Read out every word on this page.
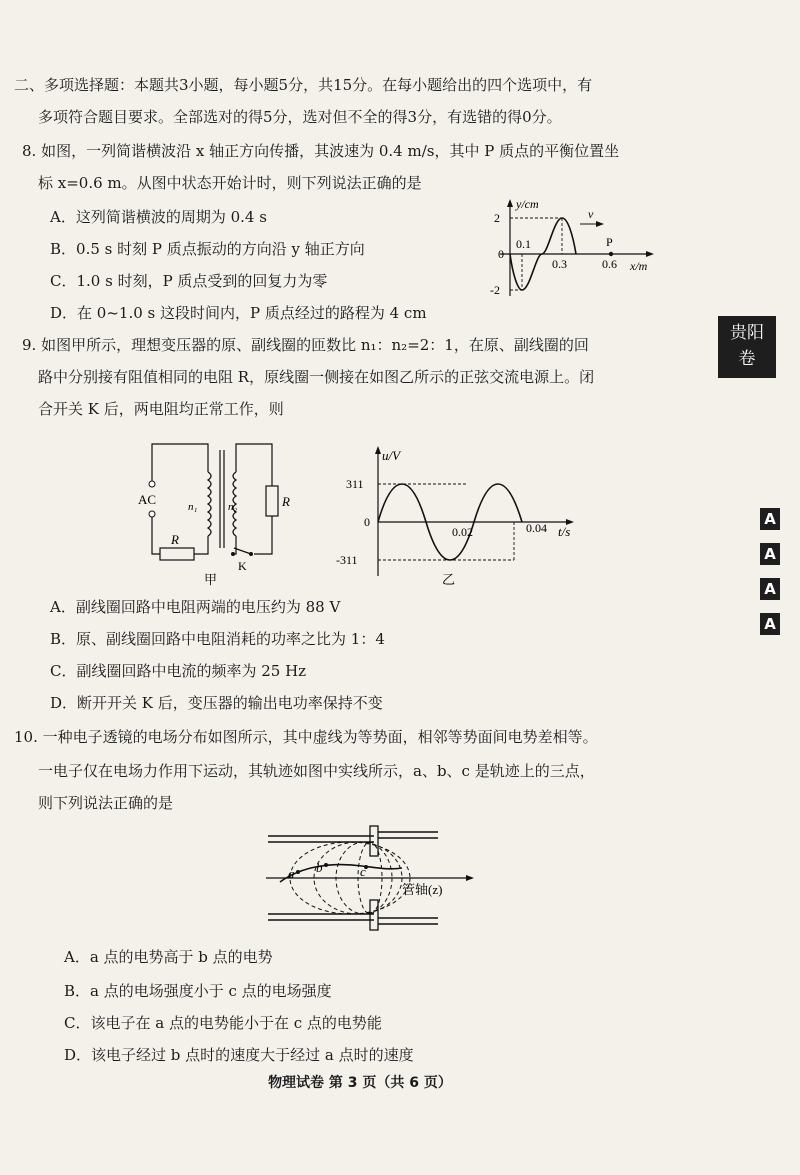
二、多项选择题：本题共3小题，每小题5分，共15分。在每小题给出的四个选项中，有
多项符合题目要求。全部选对的得5分，选对但不全的得3分，有选错的得0分。
8. 如图，一列简谐横波沿 x 轴正方向传播，其波速为 0.4 m/s，其中 P 质点的平衡位置坐
标 x=0.6 m。从图中状态开始计时，则下列说法正确的是
A．这列简谐横波的周期为 0.4 s
B．0.5 s 时刻 P 质点振动的方向沿 y 轴正方向
C．1.0 s 时刻，P 质点受到的回复力为零
D．在 0~1.0 s 这段时间内，P 质点经过的路程为 4 cm
y/cm
2
0
-2
0.1
0.3	0.6
P
v
x/m
9. 如图甲所示，理想变压器的原、副线圈的匝数比 n₁：n₂=2：1，在原、副线圈的回
路中分别接有阻值相同的电阻 R，原线圈一侧接在如图乙所示的正弦交流电源上。闭
合开关 K 后，两电阻均正常工作，则
AC	n₁	n₂
R
R
K
甲
u/V
311
0
-311
0.02	0.04 t/s
乙
A．副线圈回路中电阻两端的电压约为 88 V
B．原、副线圈回路中电阻消耗的功率之比为 1：4
C．副线圈回路中电流的频率为 25 Hz
D．断开开关 K 后，变压器的输出电功率保持不变
10. 一种电子透镜的电场分布如图所示，其中虚线为等势面，相邻等势面间电势差相等。
一电子仅在电场力作用下运动，其轨迹如图中实线所示，a、b、c 是轨迹上的三点，
则下列说法正确的是
a b	c
管轴(z)
A．a 点的电势高于 b 点的电势
B．a 点的电场强度小于 c 点的电场强度
C．该电子在 a 点的电势能小于在 c 点的电势能
D．该电子经过 b 点时的速度大于经过 a 点时的速度
贵阳
卷
A
A
A
A
物理试卷 第 3 页（共 6 页）
